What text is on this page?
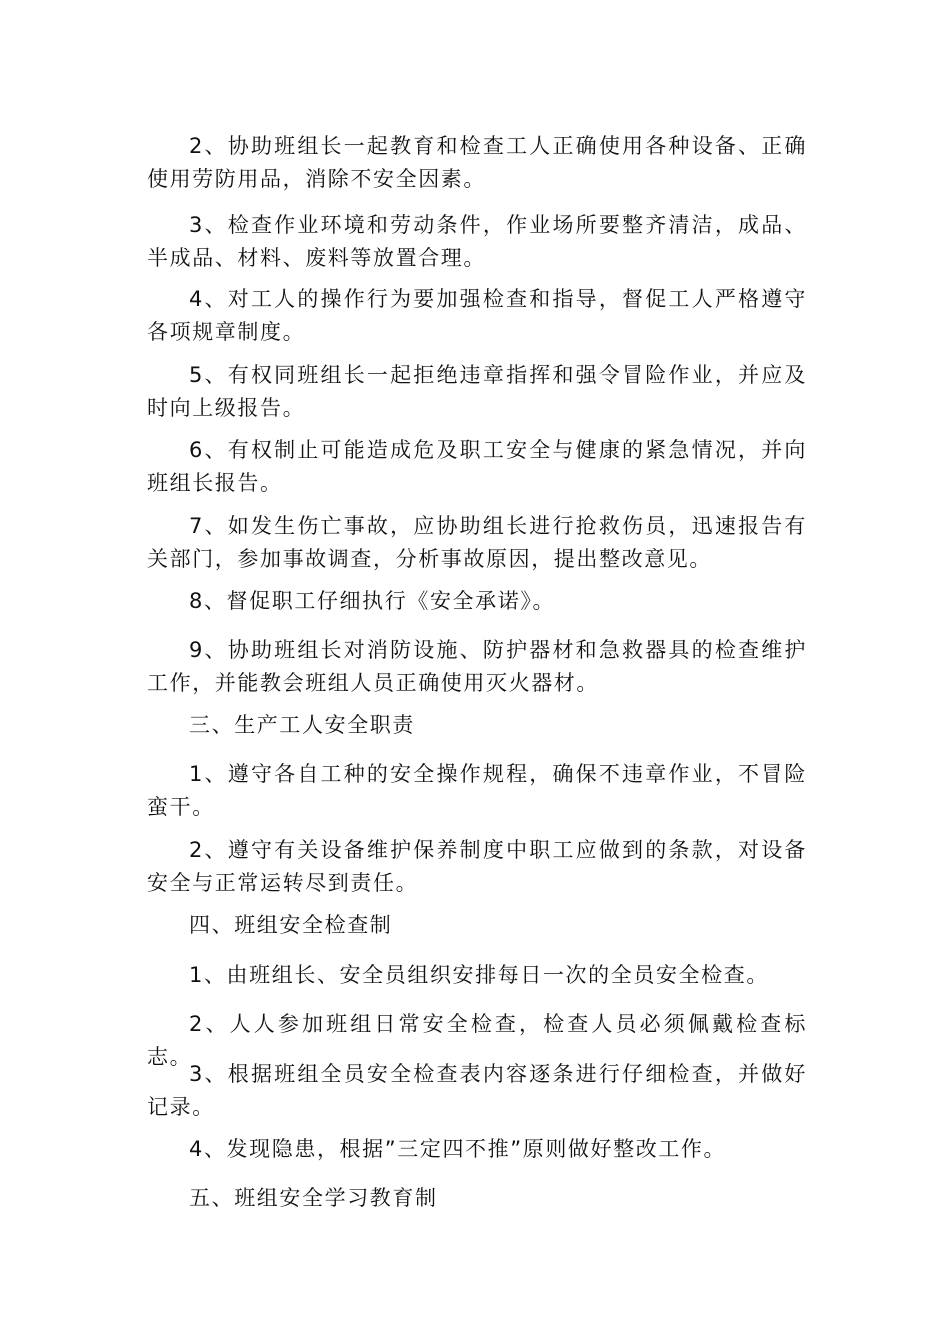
2、协助班组长一起教育和检查工人正确使用各种设备、正确使用劳防用品，消除不安全因素。

3、检查作业环境和劳动条件，作业场所要整齐清洁，成品、半成品、材料、废料等放置合理。

4、对工人的操作行为要加强检查和指导，督促工人严格遵守各项规章制度。

5、有权同班组长一起拒绝违章指挥和强令冒险作业，并应及时向上级报告。

6、有权制止可能造成危及职工安全与健康的紧急情况，并向班组长报告。

7、如发生伤亡事故，应协助组长进行抢救伤员，迅速报告有关部门，参加事故调查，分析事故原因，提出整改意见。

8、督促职工仔细执行《安全承诺》。

9、协助班组长对消防设施、防护器材和急救器具的检查维护工作，并能教会班组人员正确使用灭火器材。

三、生产工人安全职责

1、遵守各自工种的安全操作规程，确保不违章作业，不冒险蛮干。

2、遵守有关设备维护保养制度中职工应做到的条款，对设备安全与正常运转尽到责任。

四、班组安全检查制

1、由班组长、安全员组织安排每日一次的全员安全检查。

2、人人参加班组日常安全检查，检查人员必须佩戴检查标志。

3、根据班组全员安全检查表内容逐条进行仔细检查，并做好记录。

4、发现隐患，根据”三定四不推”原则做好整改工作。

五、班组安全学习教育制
